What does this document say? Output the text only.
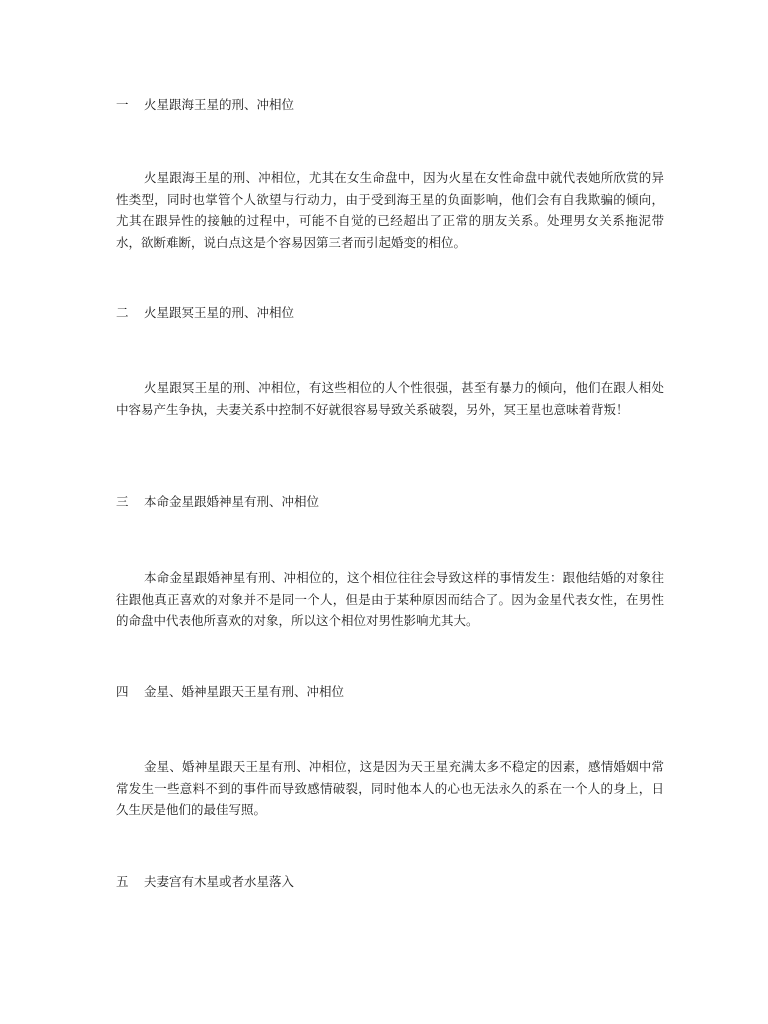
一 火星跟海王星的刑、冲相位
火星跟海王星的刑、冲相位，尤其在女生命盘中，因为火星在女性命盘中就代表她所欣赏的异性类型，同时也掌管个人欲望与行动力，由于受到海王星的负面影响，他们会有自我欺骗的倾向，尤其在跟异性的接触的过程中，可能不自觉的已经超出了正常的朋友关系。处理男女关系拖泥带水，欲断难断，说白点这是个容易因第三者而引起婚变的相位。
二 火星跟冥王星的刑、冲相位
火星跟冥王星的刑、冲相位，有这些相位的人个性很强，甚至有暴力的倾向，他们在跟人相处中容易产生争执，夫妻关系中控制不好就很容易导致关系破裂，另外，冥王星也意味着背叛！
三 本命金星跟婚神星有刑、冲相位
本命金星跟婚神星有刑、冲相位的，这个相位往往会导致这样的事情发生：跟他结婚的对象往往跟他真正喜欢的对象并不是同一个人，但是由于某种原因而结合了。因为金星代表女性，在男性的命盘中代表他所喜欢的对象，所以这个相位对男性影响尤其大。
四 金星、婚神星跟天王星有刑、冲相位
金星、婚神星跟天王星有刑、冲相位，这是因为天王星充满太多不稳定的因素，感情婚姻中常常发生一些意料不到的事件而导致感情破裂，同时他本人的心也无法永久的系在一个人的身上，日久生厌是他们的最佳写照。
五 夫妻宫有木星或者水星落入
